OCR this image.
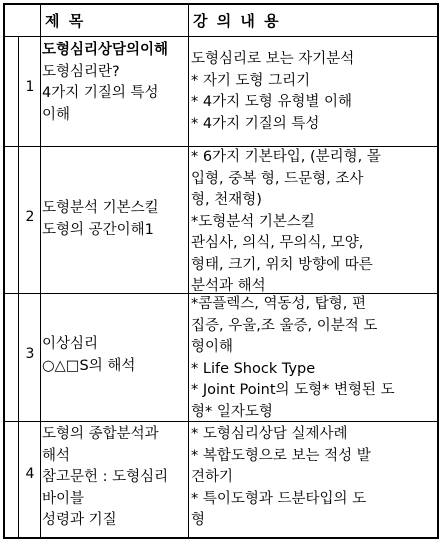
제 목	강 의 내 용
1
도형심리상담의이해
도형심리란?
4가지 기질의 특성
이해
도형심리로 보는 자기분석
* 자기 도형 그리기
* 4가지 도형 유형별 이해
* 4가지 기질의 특성
2
도형분석 기본스킬
도형의 공간이해1
* 6가지 기본타입, (분리형, 몰
입형, 중복 형, 드문형, 조사
형, 천재형)
*도형분석 기본스킬
관심사, 의식, 무의식, 모양,
형태, 크기, 위치 방향에 따른
분석과 해석
3
이상심리
○△□S의 해석
*콤플렉스, 역동성, 탑형, 편
집증, 우울,조 울증, 이분적 도
형이해
* Life Shock Type
* Joint Point의 도형* 변형된 도
형* 일자도형
4
도형의 종합분석과
해석
참고문헌 : 도형심리
바이블
성령과 기질
* 도형심리상담 실제사례
* 복합도형으로 보는 적성 발
견하기
* 특이도형과 드분타입의 도
형
